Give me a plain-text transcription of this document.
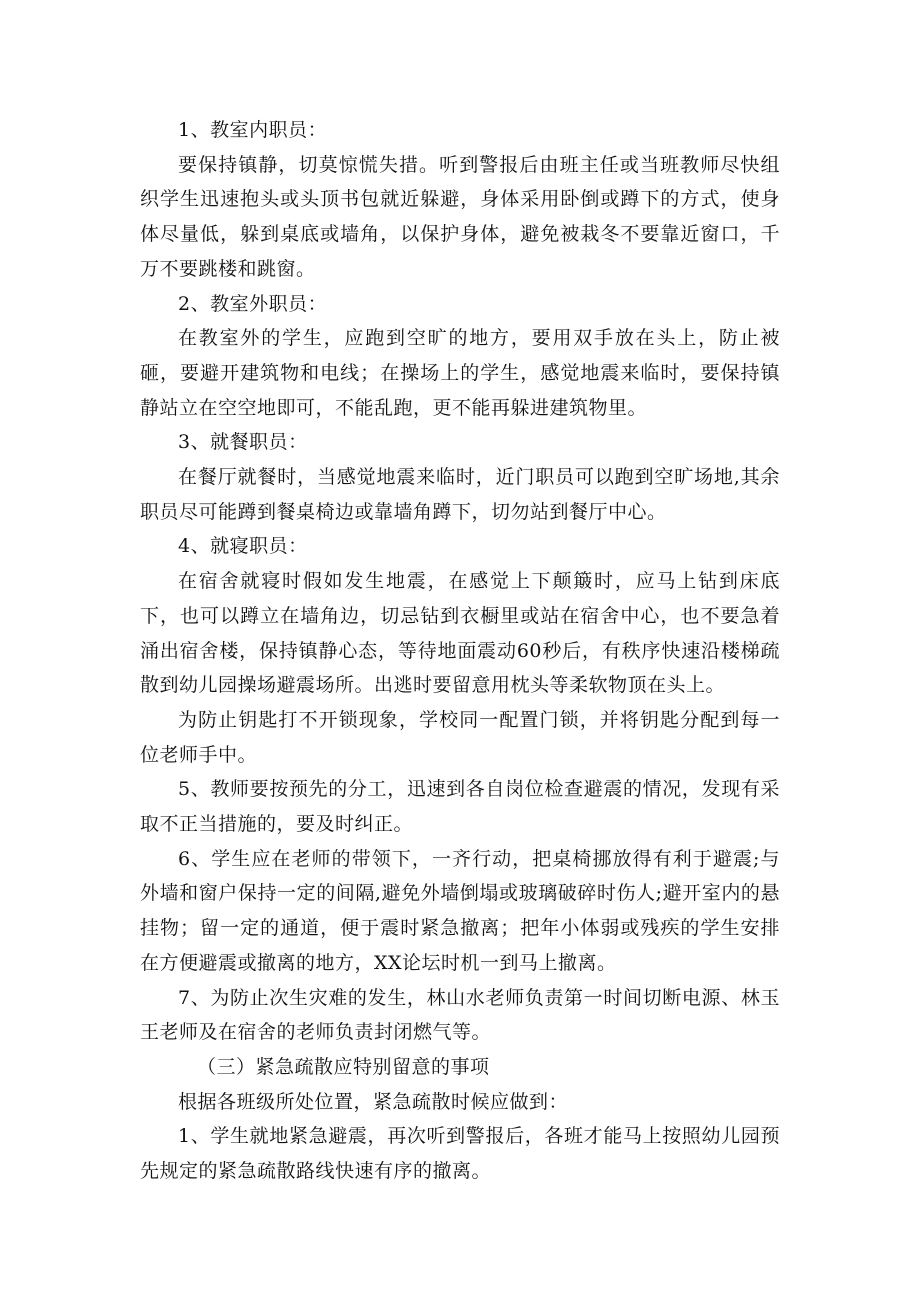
1、教室内职员：

要保持镇静，切莫惊慌失措。听到警报后由班主任或当班教师尽快组织学生迅速抱头或头顶书包就近躲避，身体采用卧倒或蹲下的方式，使身体尽量低，躲到桌底或墙角，以保护身体，避免被栽冬不要靠近窗口，千万不要跳楼和跳窗。

2、教室外职员：

在教室外的学生，应跑到空旷的地方，要用双手放在头上，防止被砸，要避开建筑物和电线；在操场上的学生，感觉地震来临时，要保持镇静站立在空空地即可，不能乱跑，更不能再躲进建筑物里。

3、就餐职员：

在餐厅就餐时，当感觉地震来临时，近门职员可以跑到空旷场地,其余职员尽可能蹲到餐桌椅边或靠墙角蹲下，切勿站到餐厅中心。

4、就寝职员：

在宿舍就寝时假如发生地震，在感觉上下颠簸时，应马上钻到床底下，也可以蹲立在墙角边，切忌钻到衣橱里或站在宿舍中心，也不要急着涌出宿舍楼，保持镇静心态，等待地面震动60秒后，有秩序快速沿楼梯疏散到幼儿园操场避震场所。出逃时要留意用枕头等柔软物顶在头上。

为防止钥匙打不开锁现象，学校同一配置门锁，并将钥匙分配到每一位老师手中。

5、教师要按预先的分工，迅速到各自岗位检查避震的情况，发现有采取不正当措施的，要及时纠正。

6、学生应在老师的带领下，一齐行动，把桌椅挪放得有利于避震;与外墙和窗户保持一定的间隔,避免外墙倒塌或玻璃破碎时伤人;避开室内的悬挂物；留一定的通道，便于震时紧急撤离；把年小体弱或残疾的学生安排在方便避震或撤离的地方，XX论坛时机一到马上撤离。

7、为防止次生灾难的发生，林山水老师负责第一时间切断电源、林玉王老师及在宿舍的老师负责封闭燃气等。

（三）紧急疏散应特别留意的事项

根据各班级所处位置，紧急疏散时候应做到：

1、学生就地紧急避震，再次听到警报后，各班才能马上按照幼儿园预先规定的紧急疏散路线快速有序的撤离。
